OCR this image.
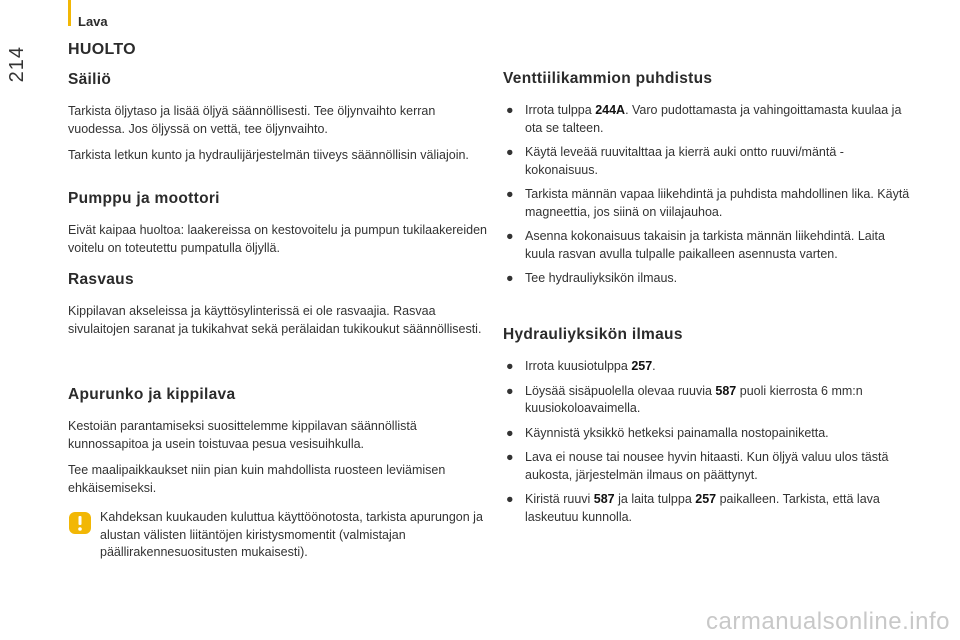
214
Lava
HUOLTO
Säiliö

Tarkista öljytaso ja lisää öljyä säännöllisesti. Tee öljynvaihto kerran vuodessa. Jos öljyssä on vettä, tee öljynvaihto.

Tarkista letkun kunto ja hydraulijärjestelmän tiiveys säännöllisin väliajoin.

Pumppu ja moottori

Eivät kaipaa huoltoa: laakereissa on kestovoitelu ja pumpun tukilaakereiden voitelu on toteutettu pumpatulla öljyllä.

Rasvaus

Kippilavan akseleissa ja käyttösylinterissä ei ole rasvaajia. Rasvaa sivulaitojen saranat ja tukikahvat sekä perälaidan tukikoukut säännöllisesti.

Apurunko ja kippilava

Kestoiän parantamiseksi suosittelemme kippilavan säännöllistä kunnossapitoa ja usein toistuvaa pesua vesisuihkulla.

Tee maalipaikkaukset niin pian kuin mahdollista ruosteen leviämisen ehkäisemiseksi.

Kahdeksan kuukauden kuluttua käyttöönotosta, tarkista apurungon ja alustan välisten liitäntöjen kiristysmomentit (valmistajan päällirakennesuositusten mukaisesti).

Venttiilikammion puhdistus
● Irrota tulppa 244A. Varo pudottamasta ja vahingoittamasta kuulaa ja ota se talteen.
● Käytä leveää ruuvitalttaa ja kierrä auki ontto ruuvi/mäntä -kokonaisuus.
● Tarkista männän vapaa liikehdintä ja puhdista mahdollinen lika. Käytä magneettia, jos siinä on viilajauhoa.
● Asenna kokonaisuus takaisin ja tarkista männän liikehdintä. Laita kuula rasvan avulla tulpalle paikalleen asennusta varten.
● Tee hydrauliyksikön ilmaus.
Hydrauliyksikön ilmaus
● Irrota kuusiotulppa 257.
● Löysää sisäpuolella olevaa ruuvia 587 puoli kierrosta 6 mm:n kuusiokoloavaimella.
● Käynnistä yksikkö hetkeksi painamalla nostopainiketta.
● Lava ei nouse tai nousee hyvin hitaasti. Kun öljyä valuu ulos tästä aukosta, järjestelmän ilmaus on päättynyt.
● Kiristä ruuvi 587 ja laita tulppa 257 paikalleen. Tarkista, että lava laskeutuu kunnolla.
carmanualsonline.info
